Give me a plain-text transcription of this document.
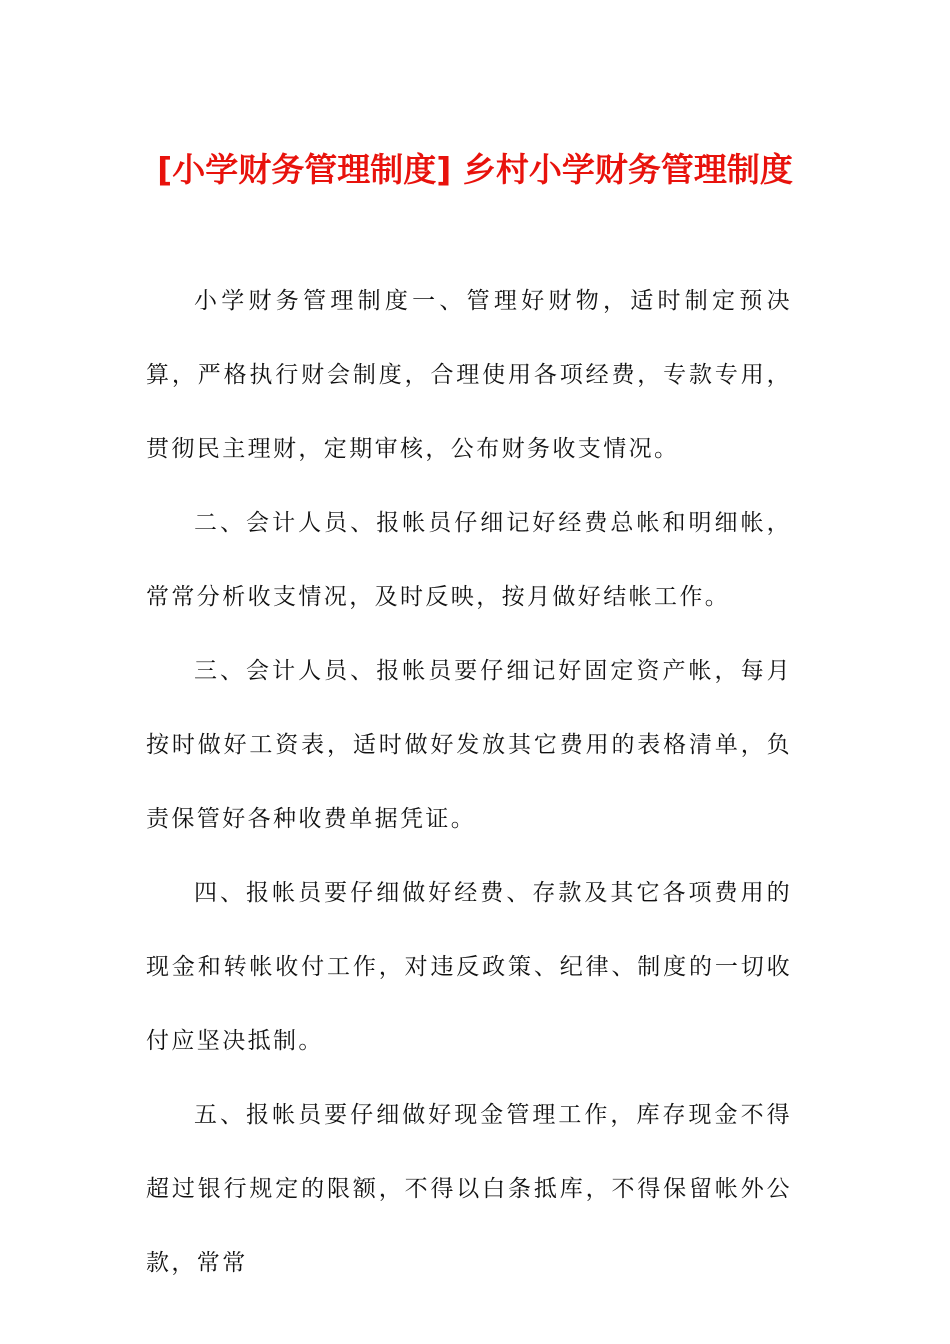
[小学财务管理制度] 乡村小学财务管理制度

小学财务管理制度一、管理好财物，适时制定预决算，严格执行财会制度，合理使用各项经费，专款专用，贯彻民主理财，定期审核，公布财务收支情况。

二、会计人员、报帐员仔细记好经费总帐和明细帐，常常分析收支情况，及时反映，按月做好结帐工作。

三、会计人员、报帐员要仔细记好固定资产帐，每月按时做好工资表，适时做好发放其它费用的表格清单，负责保管好各种收费单据凭证。

四、报帐员要仔细做好经费、存款及其它各项费用的现金和转帐收付工作，对违反政策、纪律、制度的一切收付应坚决抵制。

五、报帐员要仔细做好现金管理工作，库存现金不得超过银行规定的限额，不得以白条抵库，不得保留帐外公款，常常
